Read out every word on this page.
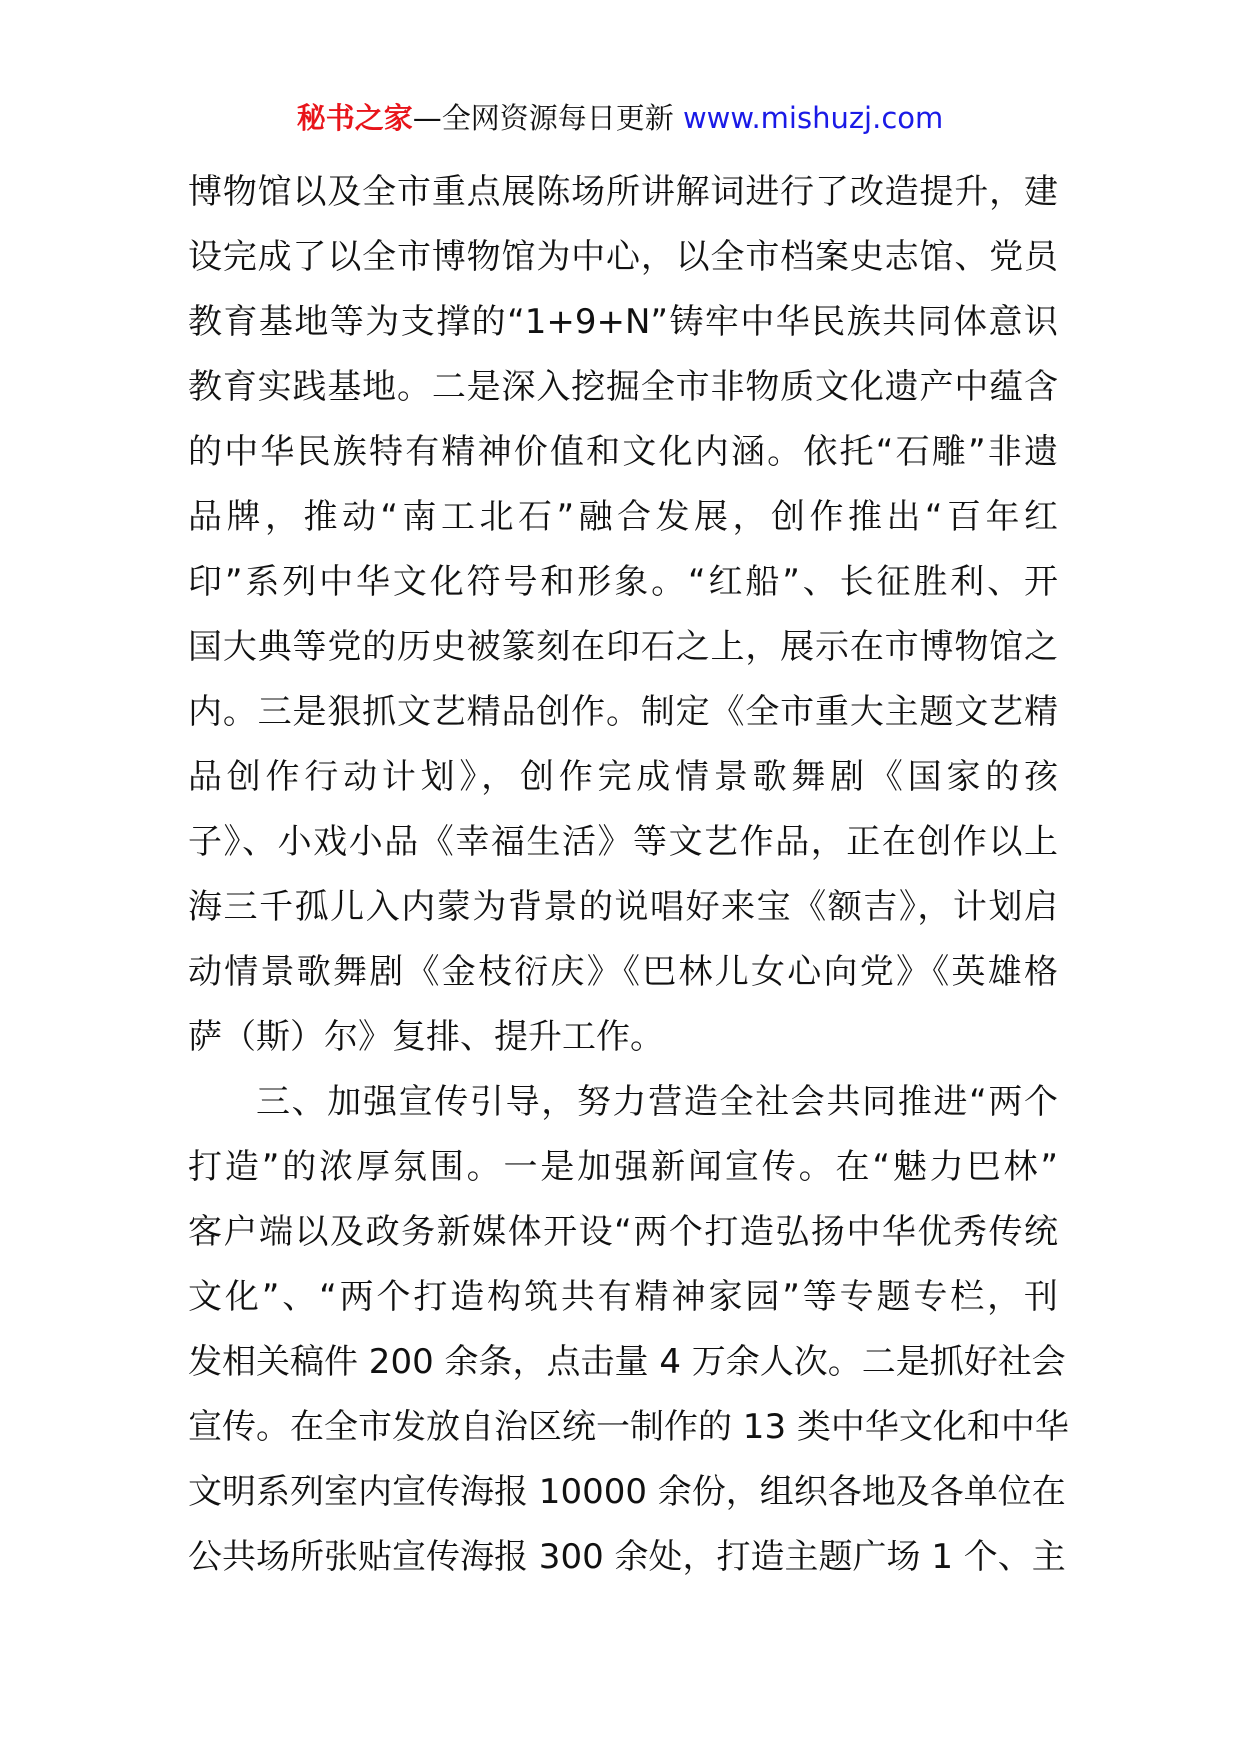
秘书之家—全网资源每日更新 www.mishuzj.com
博物馆以及全市重点展陈场所讲解词进行了改造提升，建
设完成了以全市博物馆为中心，以全市档案史志馆、党员
教育基地等为支撑的“1+9+N”铸牢中华民族共同体意识
教育实践基地。二是深入挖掘全市非物质文化遗产中蕴含
的中华民族特有精神价值和文化内涵。依托“石雕”非遗
品牌，推动“南工北石”融合发展，创作推出“百年红
印”系列中华文化符号和形象。“红船”、长征胜利、开
国大典等党的历史被篆刻在印石之上，展示在市博物馆之
内。三是狠抓文艺精品创作。制定《全市重大主题文艺精
品创作行动计划》，创作完成情景歌舞剧《国家的孩
子》、小戏小品《幸福生活》等文艺作品，正在创作以上
海三千孤儿入内蒙为背景的说唱好来宝《额吉》，计划启
动情景歌舞剧《金枝衍庆》《巴林儿女心向党》《英雄格
萨（斯）尔》复排、提升工作。
三、加强宣传引导，努力营造全社会共同推进“两个
打造”的浓厚氛围。一是加强新闻宣传。在“魅力巴林”
客户端以及政务新媒体开设“两个打造弘扬中华优秀传统
文化”、“两个打造构筑共有精神家园”等专题专栏，刊
发相关稿件 200 余条，点击量 4 万余人次。二是抓好社会
宣传。在全市发放自治区统一制作的 13 类中华文化和中华
文明系列室内宣传海报 10000 余份，组织各地及各单位在
公共场所张贴宣传海报 300 余处，打造主题广场 1 个、主
